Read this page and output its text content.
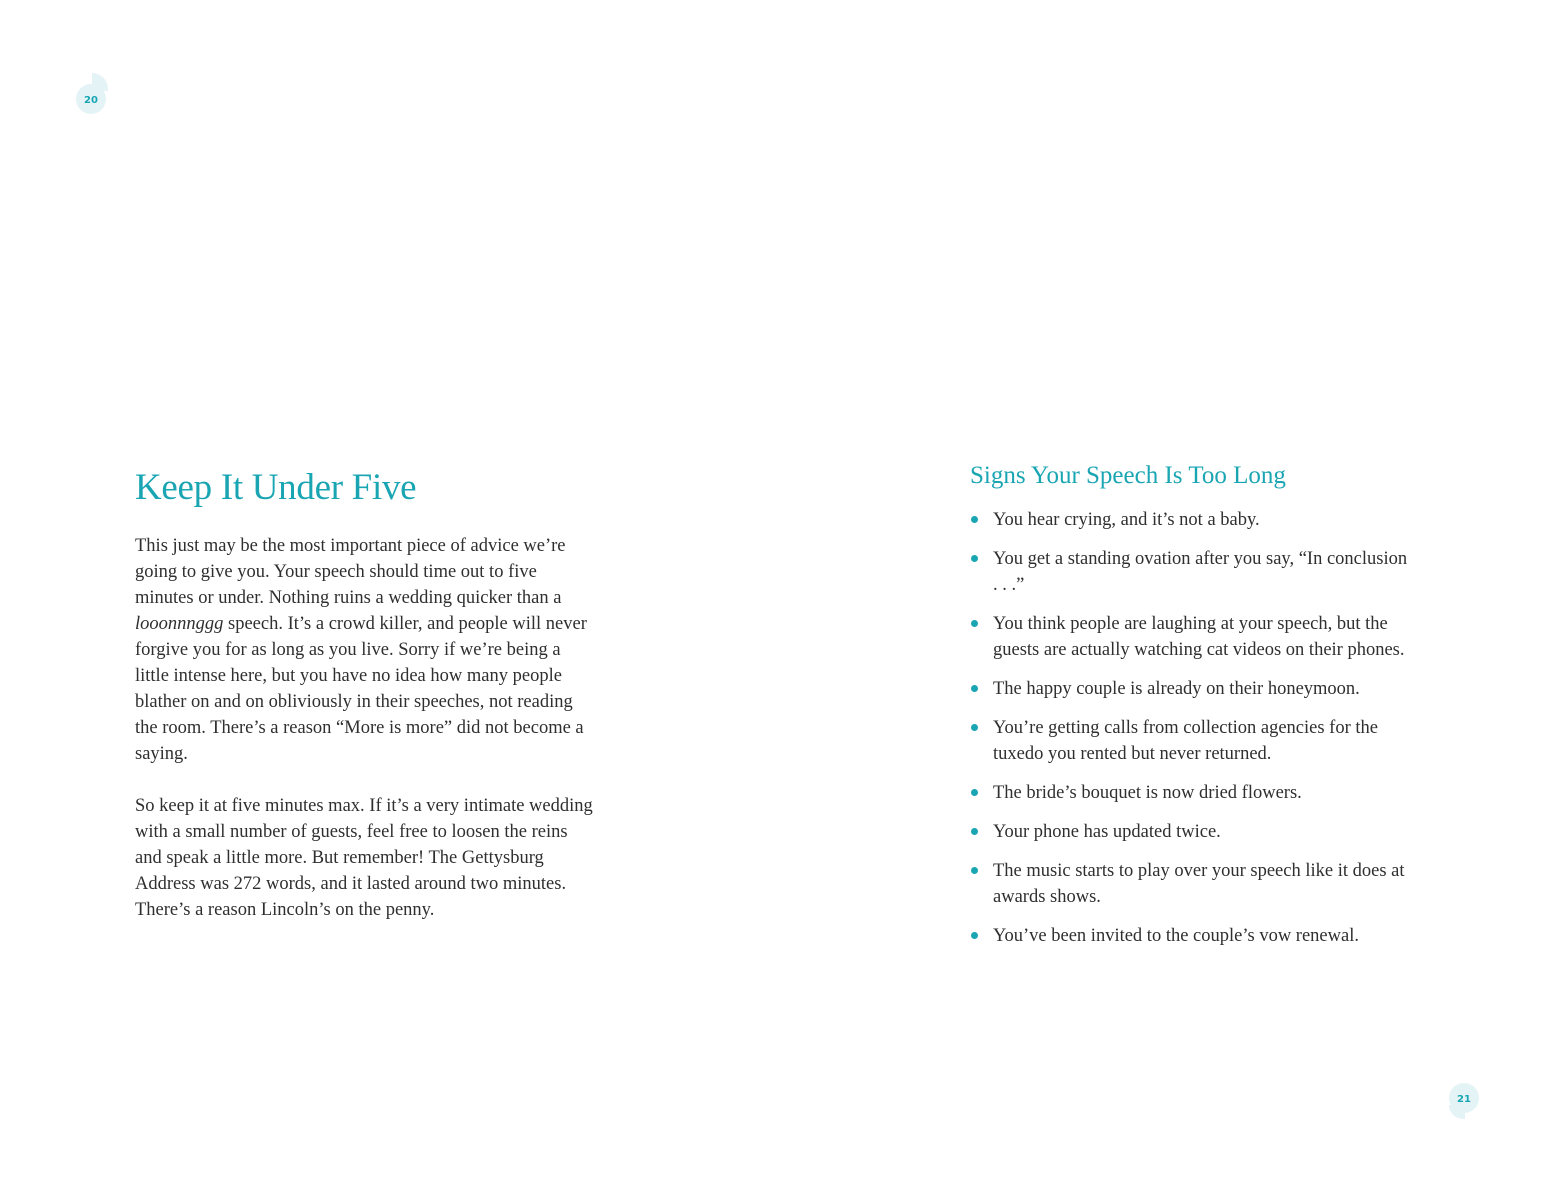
20
Keep It Under Five

This just may be the most important piece of advice we’re going to give you. Your speech should time out to five minutes or under. Nothing ruins a wedding quicker than a looonnnggg speech. It’s a crowd killer, and people will never forgive you for as long as you live. Sorry if we’re being a little intense here, but you have no idea how many people blather on and on obliviously in their speeches, not reading the room. There’s a reason “More is more” did not become a saying.

So keep it at five minutes max. If it’s a very intimate wedding with a small number of guests, feel free to loosen the reins and speak a little more. But remember! The Gettysburg Address was 272 words, and it lasted around two minutes. There’s a reason Lincoln’s on the penny.

Signs Your Speech Is Too Long
You hear crying, and it’s not a baby.
You get a standing ovation after you say, “In conclusion . . .”
You think people are laughing at your speech, but the guests are actually watching cat videos on their phones.
The happy couple is already on their honeymoon.
You’re getting calls from collection agencies for the tuxedo you rented but never returned.
The bride’s bouquet is now dried flowers.
Your phone has updated twice.
The music starts to play over your speech like it does at awards shows.
You’ve been invited to the couple’s vow renewal.
21
